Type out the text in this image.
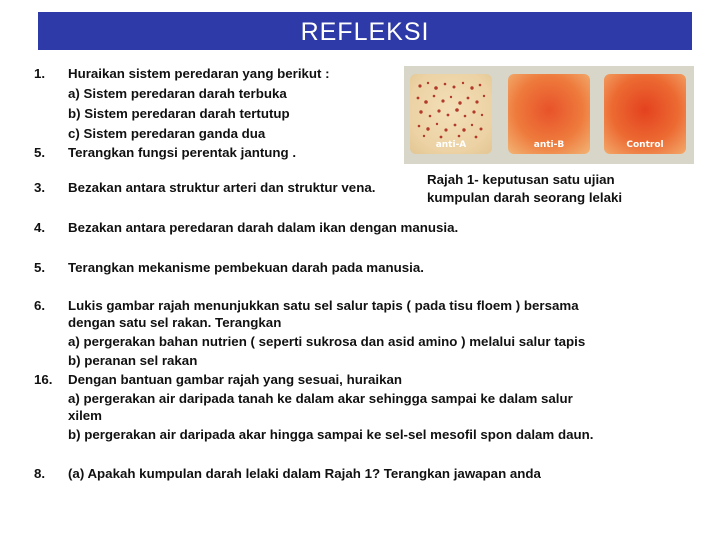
REFLEKSI
1. Huraikan sistem peredaran yang berikut :
a) Sistem peredaran darah terbuka
b) Sistem peredaran darah tertutup
c) Sistem peredaran ganda dua
5. Terangkan fungsi perentak jantung .
3. Bezakan antara struktur arteri dan struktur vena.
4. Bezakan antara peredaran darah dalam ikan dengan manusia.
5. Terangkan mekanisme pembekuan darah pada manusia.
6. Lukis gambar rajah menunjukkan satu sel salur tapis ( pada tisu floem ) bersama
dengan satu sel rakan. Terangkan
a) pergerakan bahan nutrien ( seperti sukrosa dan asid amino ) melalui salur tapis
b) peranan sel rakan
16. Dengan bantuan gambar rajah yang sesuai, huraikan
a) pergerakan air daripada tanah ke dalam akar sehingga sampai ke dalam salur
xilem
b) pergerakan air daripada akar hingga sampai ke sel-sel mesofil spon dalam daun.
8. (a) Apakah kumpulan darah lelaki dalam Rajah 1? Terangkan jawapan anda
anti-A	anti-B	Control
Rajah 1- keputusan satu ujian
kumpulan darah seorang lelaki
